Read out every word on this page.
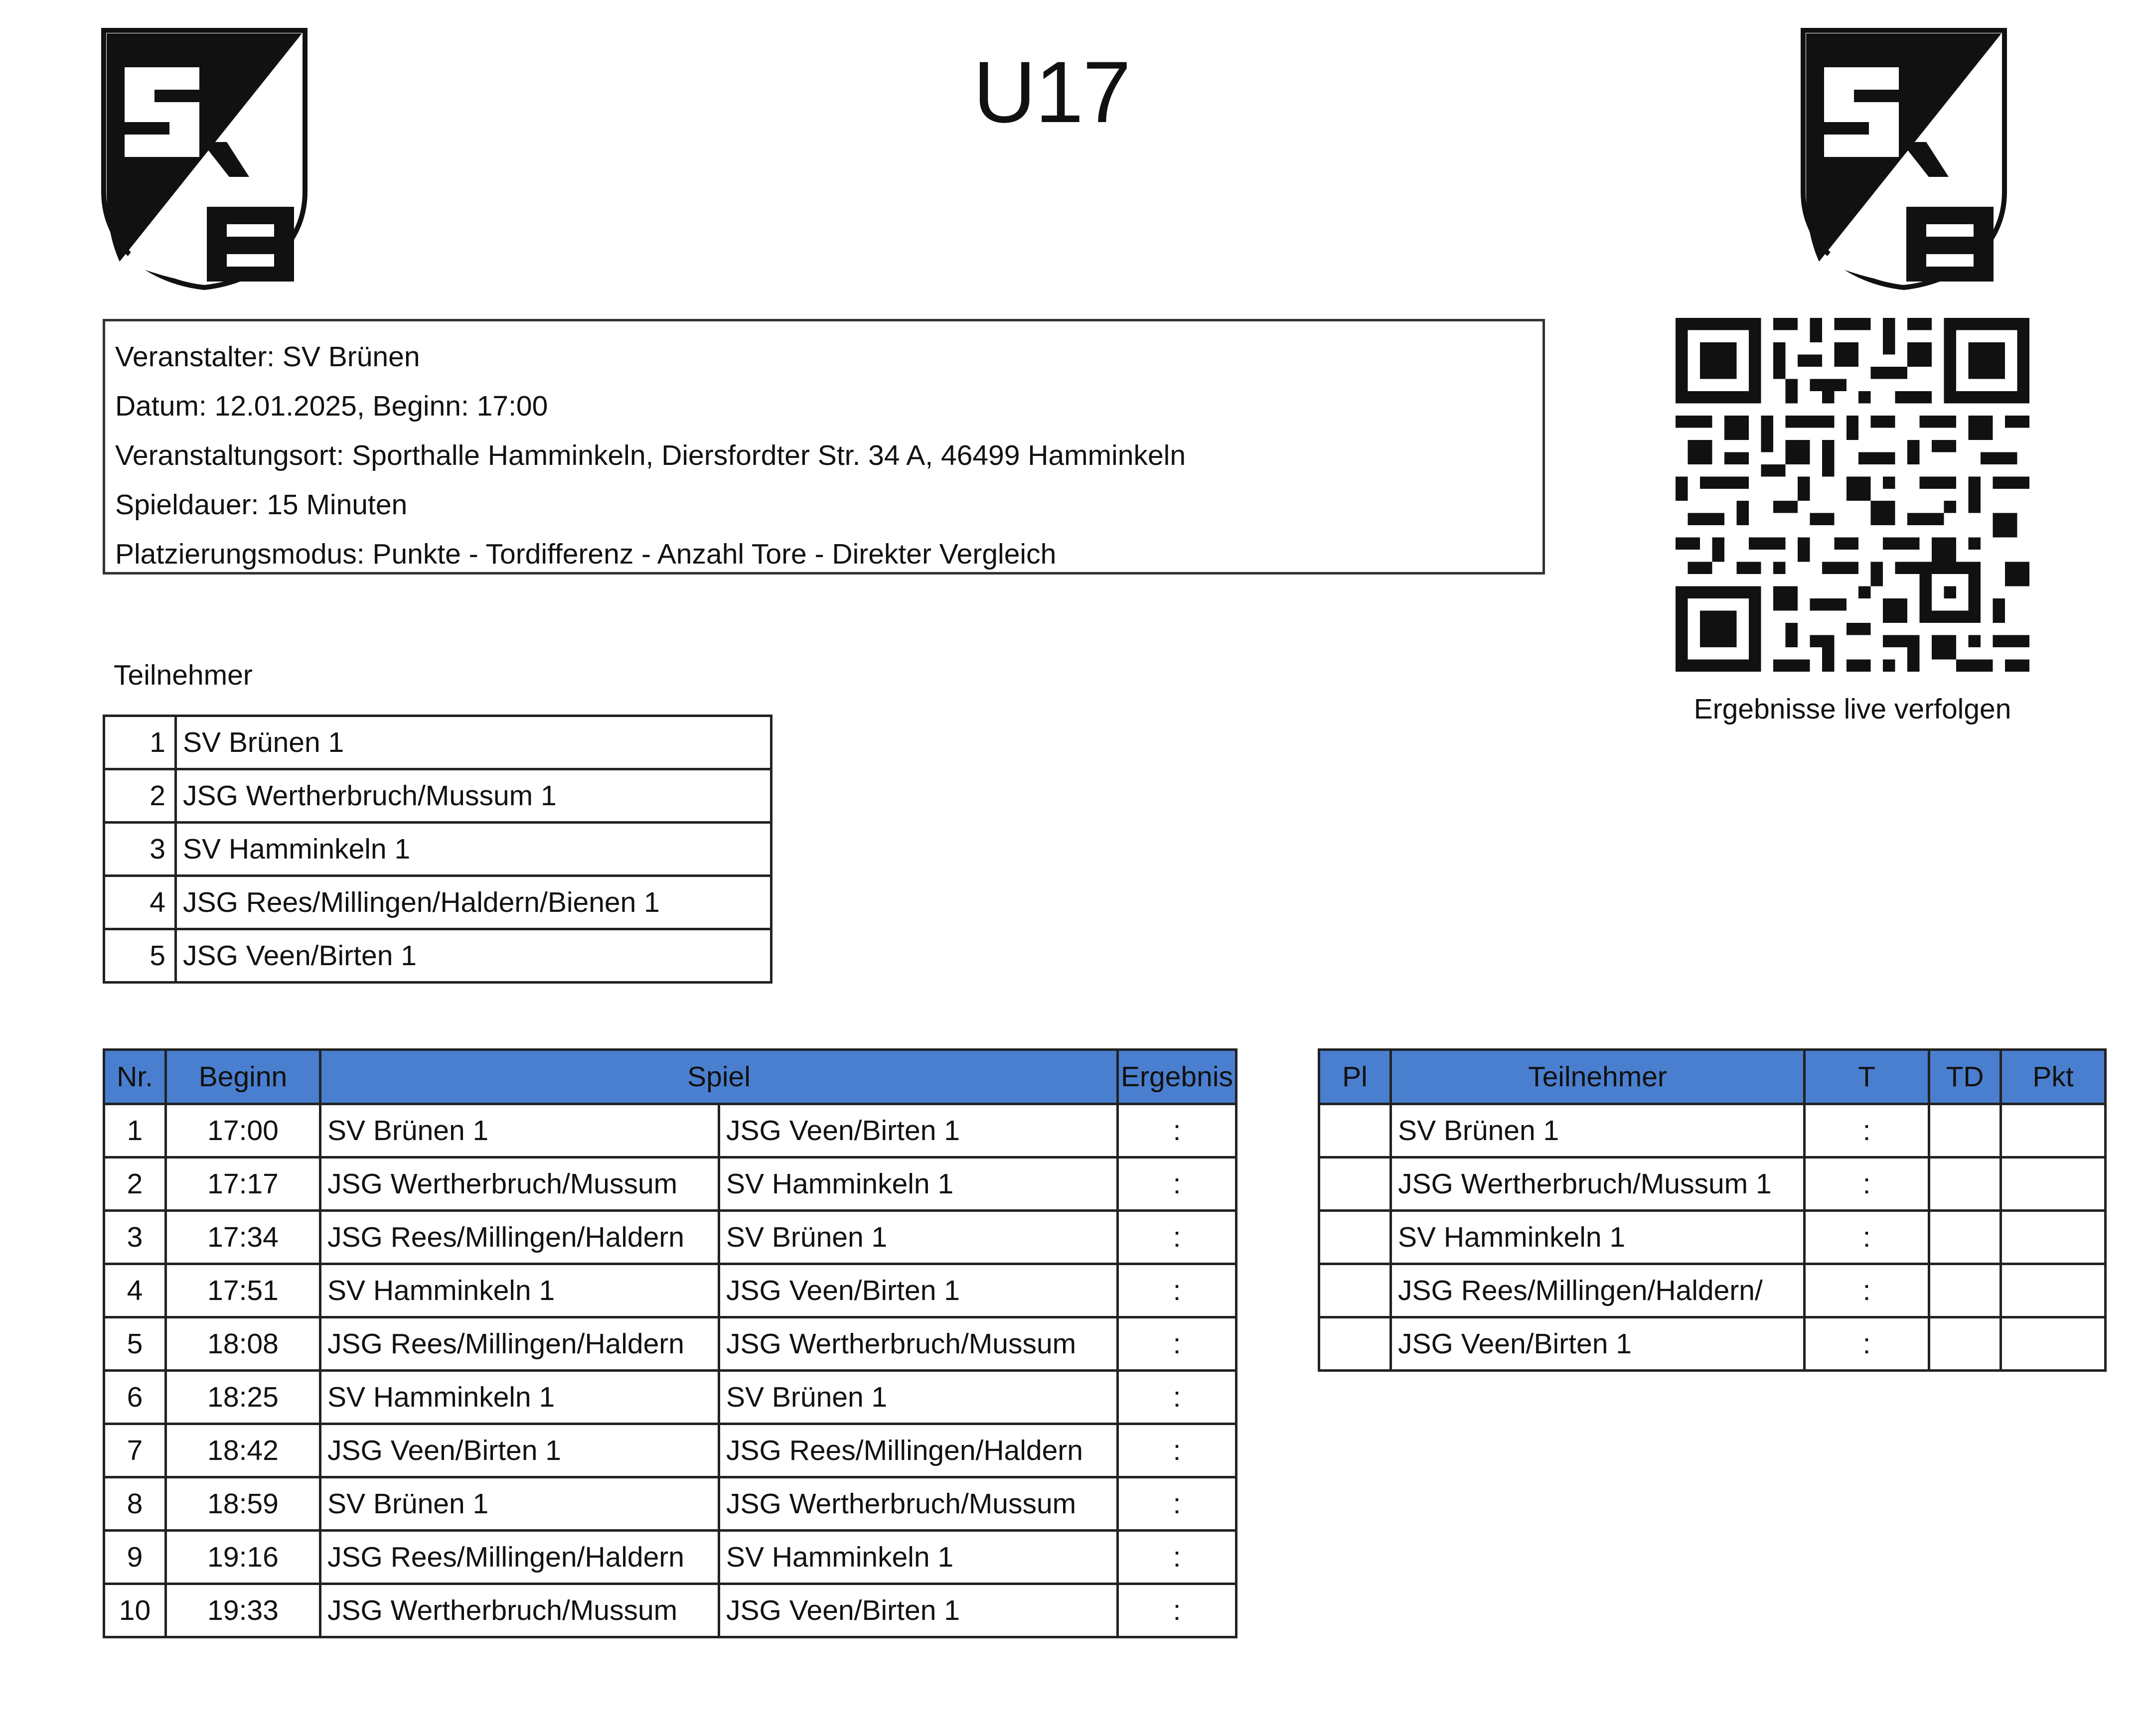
U17
Veranstalter: SV Brünen
Datum: 12.01.2025, Beginn: 17:00
Veranstaltungsort: Sporthalle Hamminkeln, Diersfordter Str. 34 A, 46499 Hamminkeln
Spieldauer: 15 Minuten
Platzierungsmodus: Punkte - Tordifferenz - Anzahl Tore - Direkter Vergleich
Ergebnisse live verfolgen
Teilnehmer
1	SV Brünen 1
2	JSG Wertherbruch/Mussum 1
3	SV Hamminkeln 1
4	JSG Rees/Millingen/Haldern/Bienen 1
5	JSG Veen/Birten 1
Nr.	Beginn	Spiel		Ergebnis
1	17:00	SV Brünen 1	JSG Veen/Birten 1	:
2	17:17	JSG Wertherbruch/Mussum	SV Hamminkeln 1	:
3	17:34	JSG Rees/Millingen/Haldern	SV Brünen 1	:
4	17:51	SV Hamminkeln 1	JSG Veen/Birten 1	:
5	18:08	JSG Rees/Millingen/Haldern	JSG Wertherbruch/Mussum	:
6	18:25	SV Hamminkeln 1	SV Brünen 1	:
7	18:42	JSG Veen/Birten 1	JSG Rees/Millingen/Haldern	:
8	18:59	SV Brünen 1	JSG Wertherbruch/Mussum	:
9	19:16	JSG Rees/Millingen/Haldern	SV Hamminkeln 1	:
10	19:33	JSG Wertherbruch/Mussum	JSG Veen/Birten 1	:
Pl	Teilnehmer	T	TD	Pkt
	SV Brünen 1	:		
	JSG Wertherbruch/Mussum 1	:		
	SV Hamminkeln 1	:		
	JSG Rees/Millingen/Haldern/	:		
	JSG Veen/Birten 1	:		
